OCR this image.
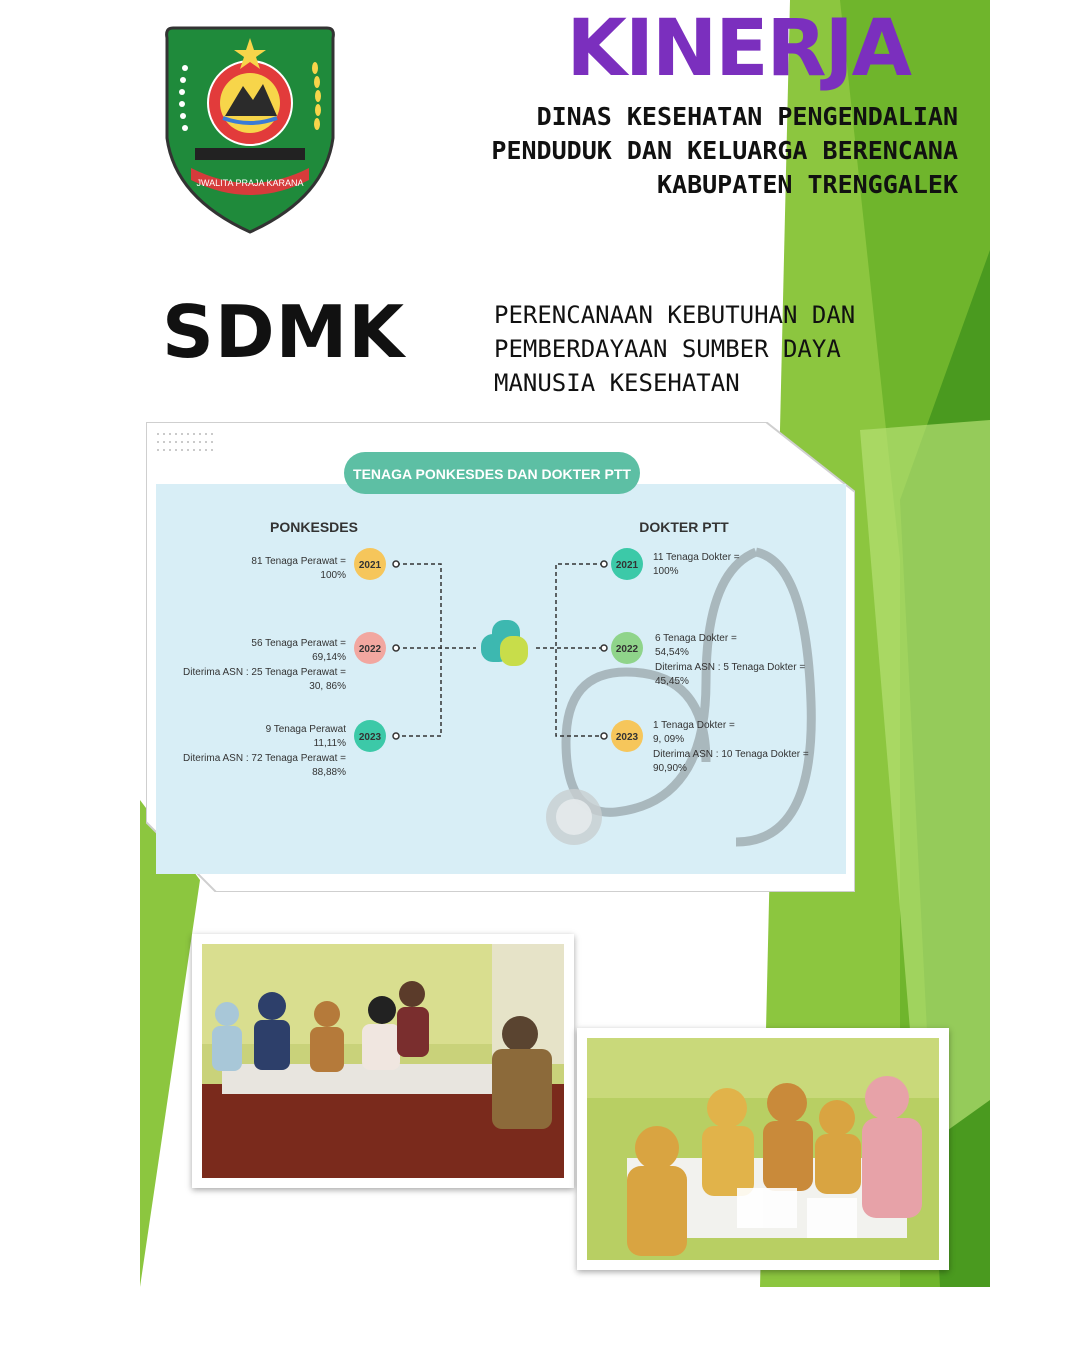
JWALITA PRAJA KARANA
KINERJA
DINAS KESEHATAN PENGENDALIAN
PENDUDUK DAN KELUARGA BERENCANA
KABUPATEN TRENGGALEK
SDMK	PERENCANAAN KEBUTUHAN DAN
PEMBERDAYAAN SUMBER DAYA
MANUSIA KESEHATAN
TENAGA PONKESDES DAN DOKTER PTT
PONKESDES	DOKTER PTT
2021
2022
2023
81 Tenaga Perawat =
100%
56 Tenaga Perawat =
69,14%
Diterima ASN : 25 Tenaga Perawat =
30, 86%
9 Tenaga Perawat
11,11%
Diterima ASN : 72 Tenaga Perawat =
88,88%
2021
2022
2023
11 Tenaga Dokter =
100%
6 Tenaga Dokter =
54,54%
Diterima ASN : 5 Tenaga Dokter =
45,45%
1 Tenaga Dokter =
9, 09%
Diterima ASN : 10 Tenaga Dokter =
90,90%
